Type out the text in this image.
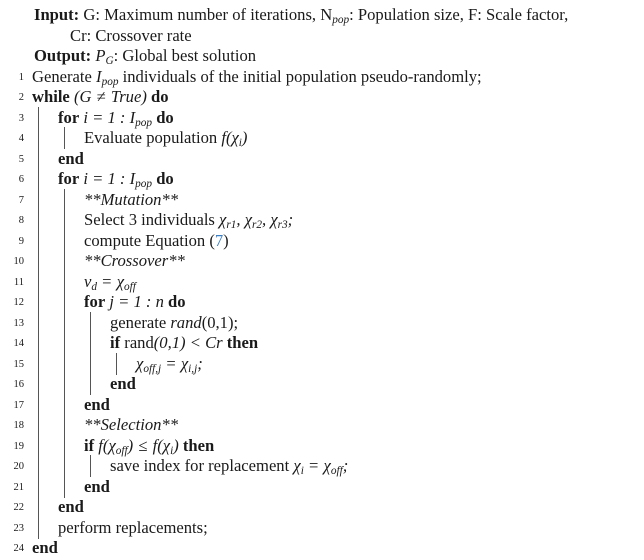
Input: G: Maximum number of iterations, $N_{pop}$: Population size, F: Scale factor,
Cr: Crossover rate
Output: $P_G$: Global best solution
1 Generate $I_{pop}$ individuals of the initial population pseudo-randomly;
2 while (G ≠ True) do
3 for i = 1 : $I_{pop}$ do
4	Evaluate population $f(\chi_i)$
5 end
6 for i = 1 : $I_{pop}$ do
7	**Mutation**
8	Select 3 individuals $\chi_{r1}$, $\chi_{r2}$, $\chi_{r3}$;
9	compute Equation (7)
10	**Crossover**
11	$v_d = \chi_{off}$
12	for j = 1 : n do
13	generate rand(0,1);
14	if rand(0,1) < Cr then
15	$\chi_{off,j} = \chi_{i,j}$;
16	end
17	end
18	**Selection**
19	if $f(\chi_{off}) \le f(\chi_i)$ then
20	save index for replacement $\chi_i = \chi_{off}$;
21	end
22 end
23 perform replacements;
24 end
